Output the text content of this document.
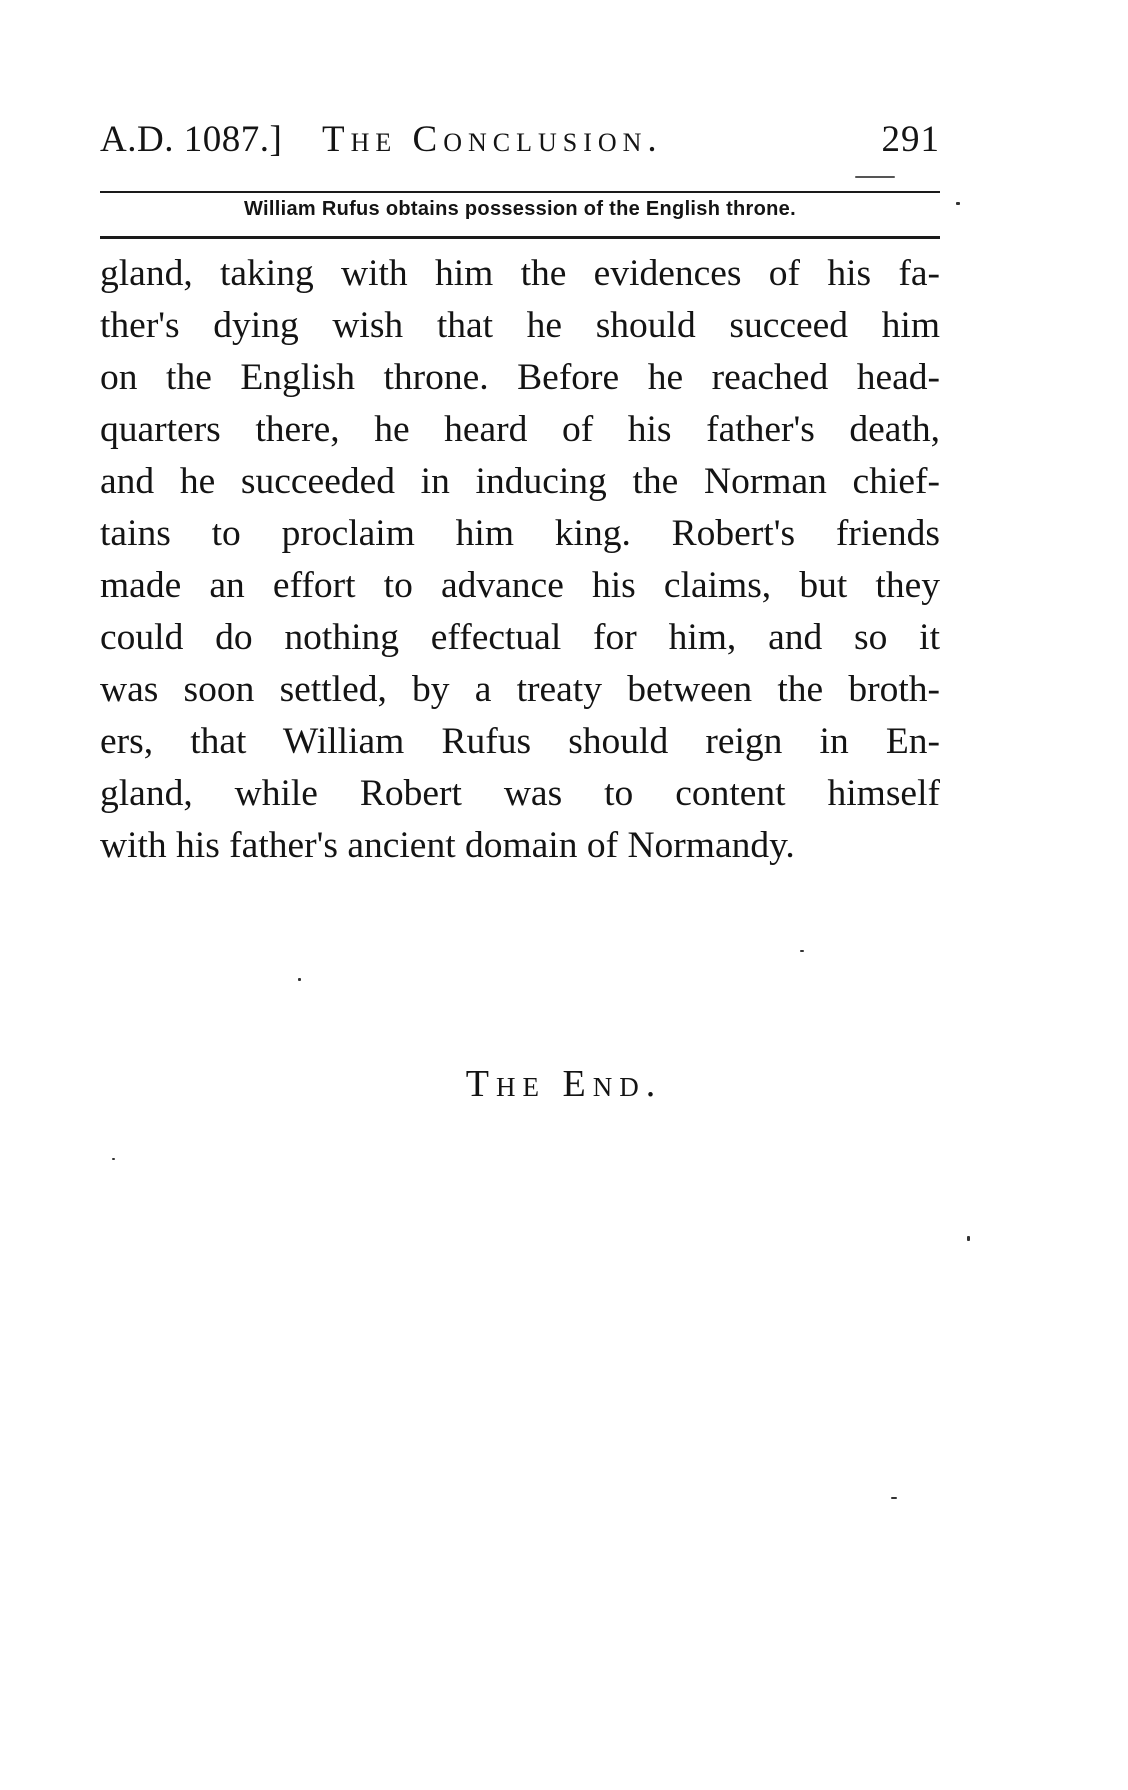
A.D. 1087.] The Conclusion.	291
William Rufus obtains possession of the English throne.
gland, taking with him the evidences of his fa-
ther's dying wish that he should succeed him
on the English throne. Before he reached head-
quarters there, he heard of his father's death,
and he succeeded in inducing the Norman chief-
tains to proclaim him king. Robert's friends
made an effort to advance his claims, but they
could do nothing effectual for him, and so it
was soon settled, by a treaty between the broth-
ers, that William Rufus should reign in En-
gland, while Robert was to content himself
with his father's ancient domain of Normandy.
The End.
